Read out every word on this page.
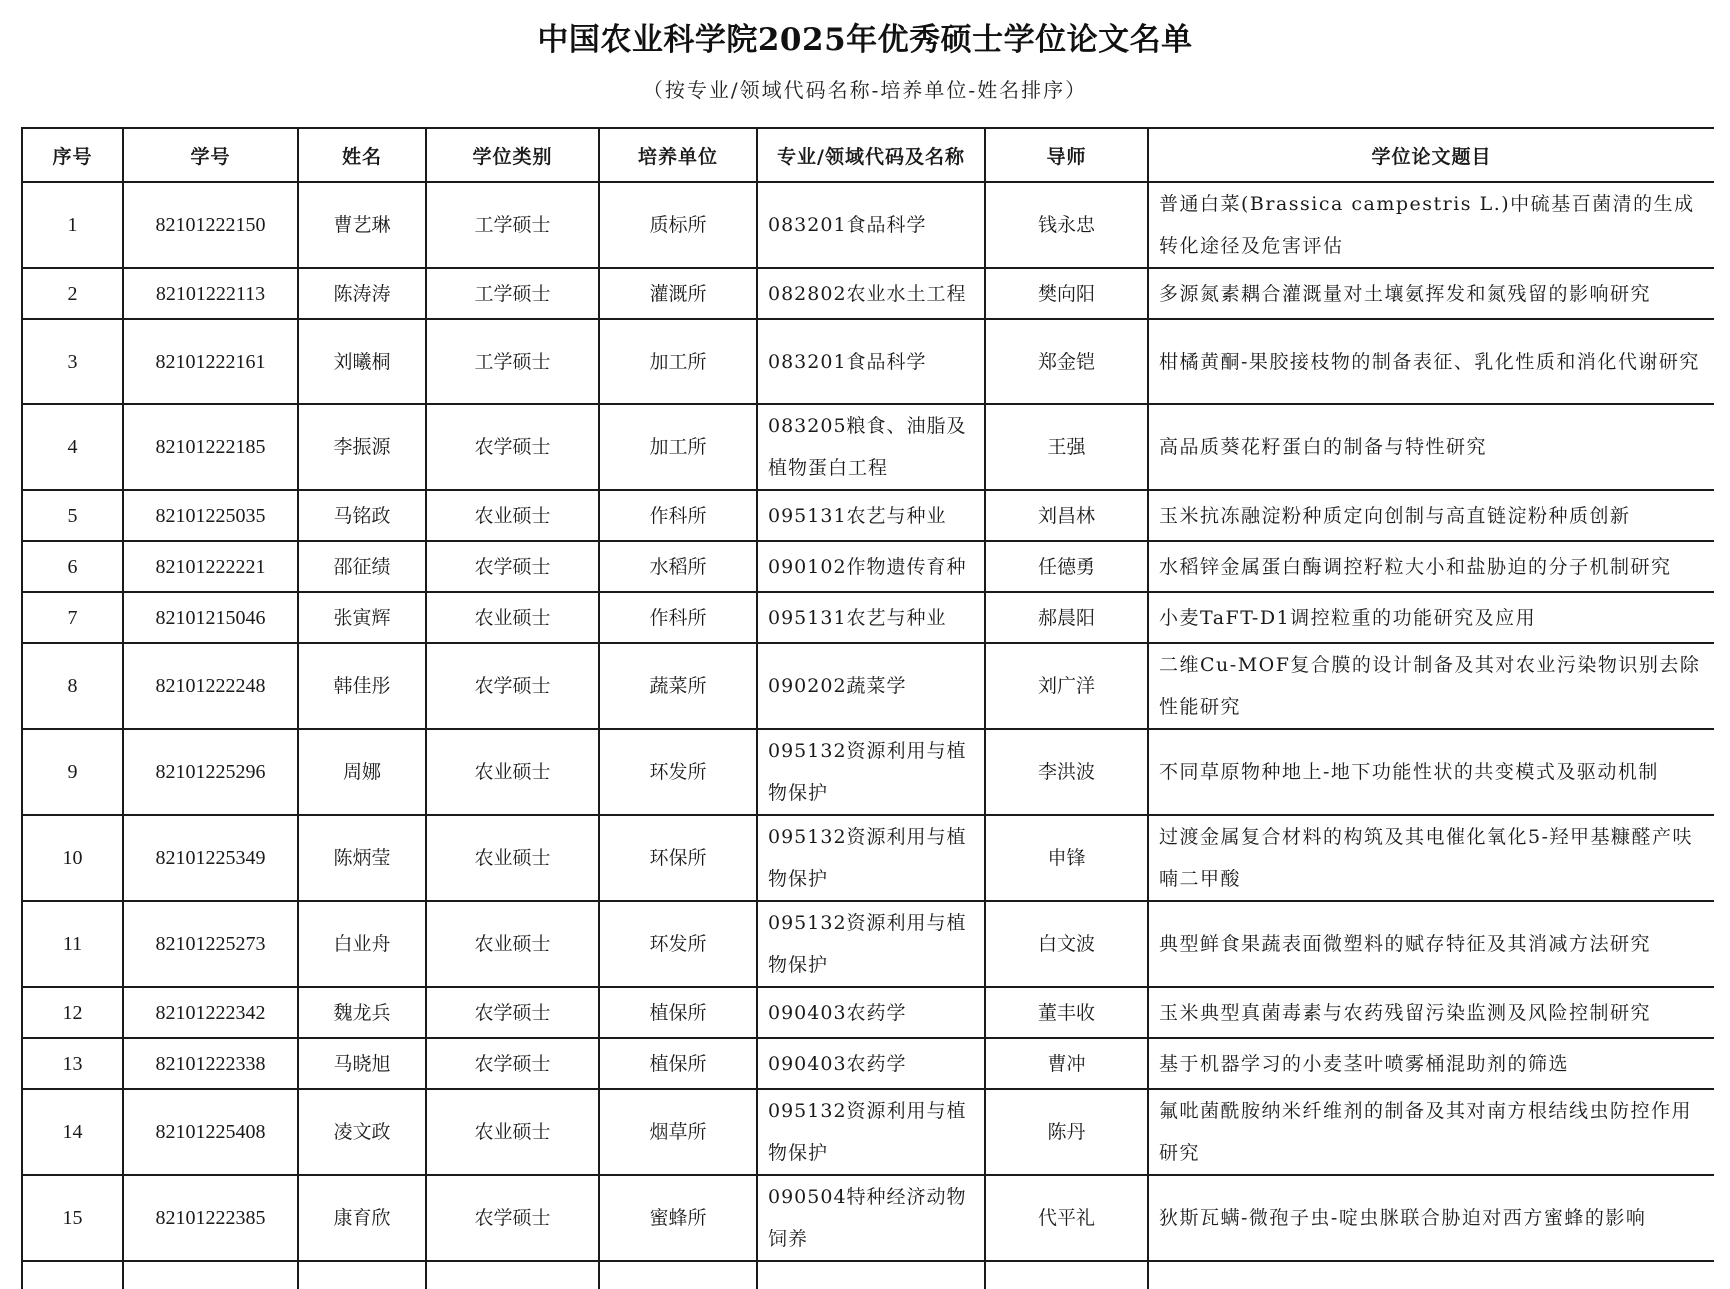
中国农业科学院2025年优秀硕士学位论文名单
（按专业/领域代码名称-培养单位-姓名排序）
序号	学号	姓名	学位类别	培养单位	专业/领域代码及名称	导师	学位论文题目
1	82101222150	曹艺琳	工学硕士	质标所	083201食品科学	钱永忠	普通白菜(Brassica campestris L.)中硫基百菌清的生成转化途径及危害评估
2	82101222113	陈涛涛	工学硕士	灌溉所	082802农业水土工程	樊向阳	多源氮素耦合灌溉量对土壤氨挥发和氮残留的影响研究
3	82101222161	刘曦桐	工学硕士	加工所	083201食品科学	郑金铠	柑橘黄酮-果胶接枝物的制备表征、乳化性质和消化代谢研究
4	82101222185	李振源	农学硕士	加工所	083205粮食、油脂及植物蛋白工程	王强	高品质葵花籽蛋白的制备与特性研究
5	82101225035	马铭政	农业硕士	作科所	095131农艺与种业	刘昌林	玉米抗冻融淀粉种质定向创制与高直链淀粉种质创新
6	82101222221	邵征绩	农学硕士	水稻所	090102作物遗传育种	任德勇	水稻锌金属蛋白酶调控籽粒大小和盐胁迫的分子机制研究
7	82101215046	张寅辉	农业硕士	作科所	095131农艺与种业	郝晨阳	小麦TaFT-D1调控粒重的功能研究及应用
8	82101222248	韩佳彤	农学硕士	蔬菜所	090202蔬菜学	刘广洋	二维Cu-MOF复合膜的设计制备及其对农业污染物识别去除性能研究
9	82101225296	周娜	农业硕士	环发所	095132资源利用与植物保护	李洪波	不同草原物种地上-地下功能性状的共变模式及驱动机制
10	82101225349	陈炳莹	农业硕士	环保所	095132资源利用与植物保护	申锋	过渡金属复合材料的构筑及其电催化氧化5-羟甲基糠醛产呋喃二甲酸
11	82101225273	白业舟	农业硕士	环发所	095132资源利用与植物保护	白文波	典型鲜食果蔬表面微塑料的赋存特征及其消减方法研究
12	82101222342	魏龙兵	农学硕士	植保所	090403农药学	董丰收	玉米典型真菌毒素与农药残留污染监测及风险控制研究
13	82101222338	马晓旭	农学硕士	植保所	090403农药学	曹冲	基于机器学习的小麦茎叶喷雾桶混助剂的筛选
14	82101225408	凌文政	农业硕士	烟草所	095132资源利用与植物保护	陈丹	氟吡菌酰胺纳米纤维剂的制备及其对南方根结线虫防控作用研究
15	82101222385	康育欣	农学硕士	蜜蜂所	090504特种经济动物饲养	代平礼	狄斯瓦螨-微孢子虫-啶虫脒联合胁迫对西方蜜蜂的影响
